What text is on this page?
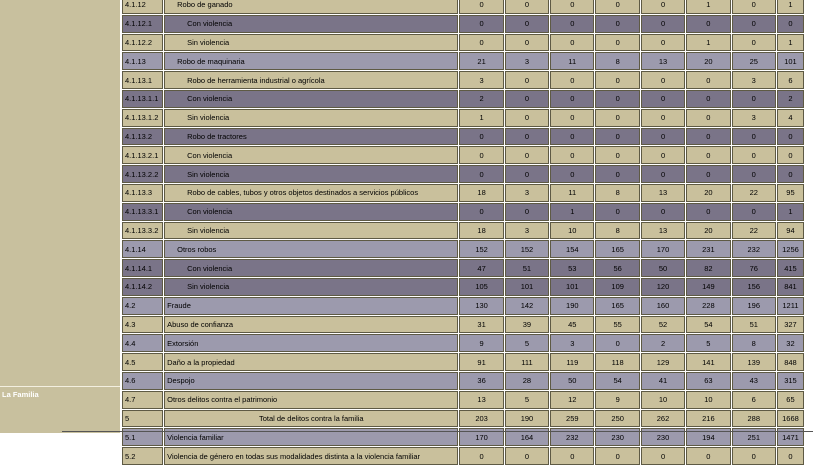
La Familia
4.1.12	Robo de ganado	0	0	0	0	0	1	0	1
4.1.12.1	Con violencia	0	0	0	0	0	0	0	0
4.1.12.2	Sin violencia	0	0	0	0	0	1	0	1
4.1.13	Robo de maquinaria	21	3	11	8	13	20	25	101
4.1.13.1	Robo de herramienta industrial o agrícola	3	0	0	0	0	0	3	6
4.1.13.1.1	Con violencia	2	0	0	0	0	0	0	2
4.1.13.1.2	Sin violencia	1	0	0	0	0	0	3	4
4.1.13.2	Robo de tractores	0	0	0	0	0	0	0	0
4.1.13.2.1	Con violencia	0	0	0	0	0	0	0	0
4.1.13.2.2	Sin violencia	0	0	0	0	0	0	0	0
4.1.13.3	Robo de cables, tubos y otros objetos destinados a servicios públicos	18	3	11	8	13	20	22	95
4.1.13.3.1	Con violencia	0	0	1	0	0	0	0	1
4.1.13.3.2	Sin violencia	18	3	10	8	13	20	22	94
4.1.14	Otros robos	152	152	154	165	170	231	232	1256
4.1.14.1	Con violencia	47	51	53	56	50	82	76	415
4.1.14.2	Sin violencia	105	101	101	109	120	149	156	841
4.2	Fraude	130	142	190	165	160	228	196	1211
4.3	Abuso de confianza	31	39	45	55	52	54	51	327
4.4	Extorsión	9	5	3	0	2	5	8	32
4.5	Daño a la propiedad	91	111	119	118	129	141	139	848
4.6	Despojo	36	28	50	54	41	63	43	315
4.7	Otros delitos contra el patrimonio	13	5	12	9	10	10	6	65
5	Total de delitos contra la familia	203	190	259	250	262	216	288	1668
5.1	Violencia familiar	170	164	232	230	230	194	251	1471
5.2	Violencia de género en todas sus modalidades distinta a la violencia familiar	0	0	0	0	0	0	0	0
